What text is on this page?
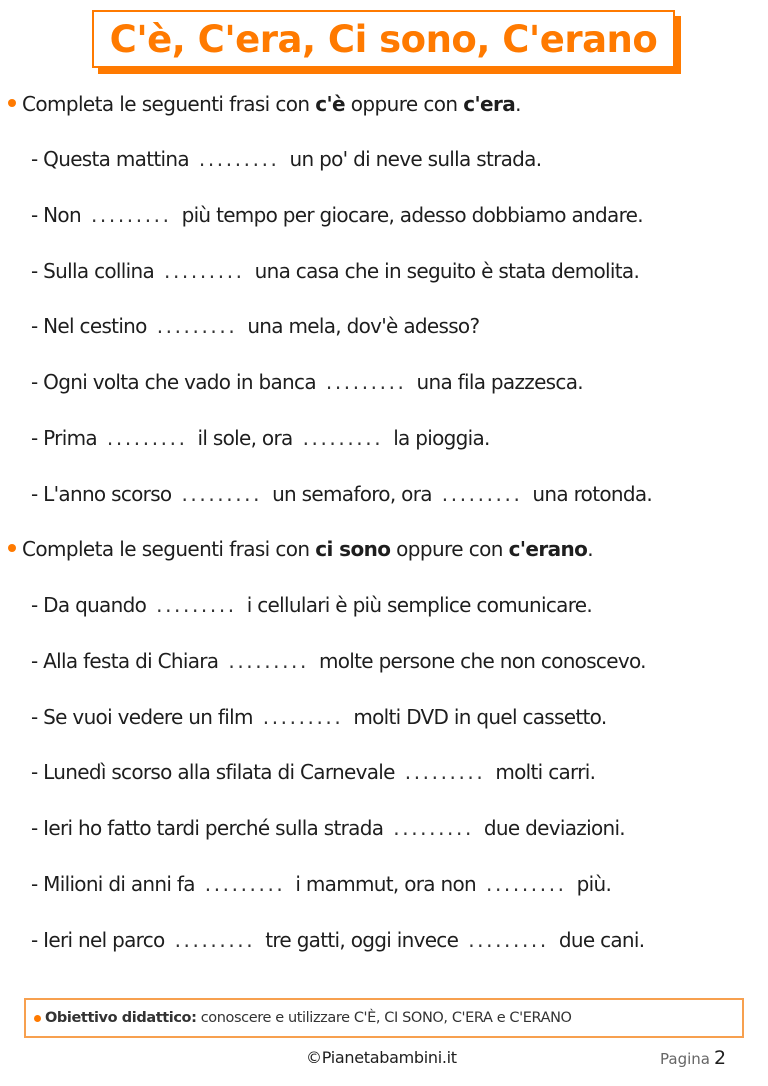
C'è, C'era, Ci sono, C'erano
Completa le seguenti frasi con
c'è
oppure con
c'era .
- Questa mattina ......... un po' di neve sulla strada.
- Non ......... più tempo per giocare, adesso dobbiamo andare.
- Sulla collina ......... una casa che in seguito è stata demolita.
- Nel cestino ......... una mela, dov'è adesso?
- Ogni volta che vado in banca ......... una fila pazzesca.
- Prima ......... il sole, ora ......... la pioggia.
- L'anno scorso ......... un semaforo, ora ......... una rotonda.
Completa le seguenti frasi con
ci sono
oppure con
c'erano .
- Da quando ......... i cellulari è più semplice comunicare.
- Alla festa di Chiara ......... molte persone che non conoscevo.
- Se vuoi vedere un film ......... molti DVD in quel cassetto.
- Lunedì scorso alla sfilata di Carnevale ......... molti carri.
- Ieri ho fatto tardi perché sulla strada ......... due deviazioni.
- Milioni di anni fa ......... i mammut, ora non ......... più.
- Ieri nel parco ......... tre gatti, oggi invece ......... due cani.
Obiettivo didattico: conoscere e utilizzare C'È, CI SONO, C'ERA e C'ERANO
©Pianetabambini.it	Pagina 2
